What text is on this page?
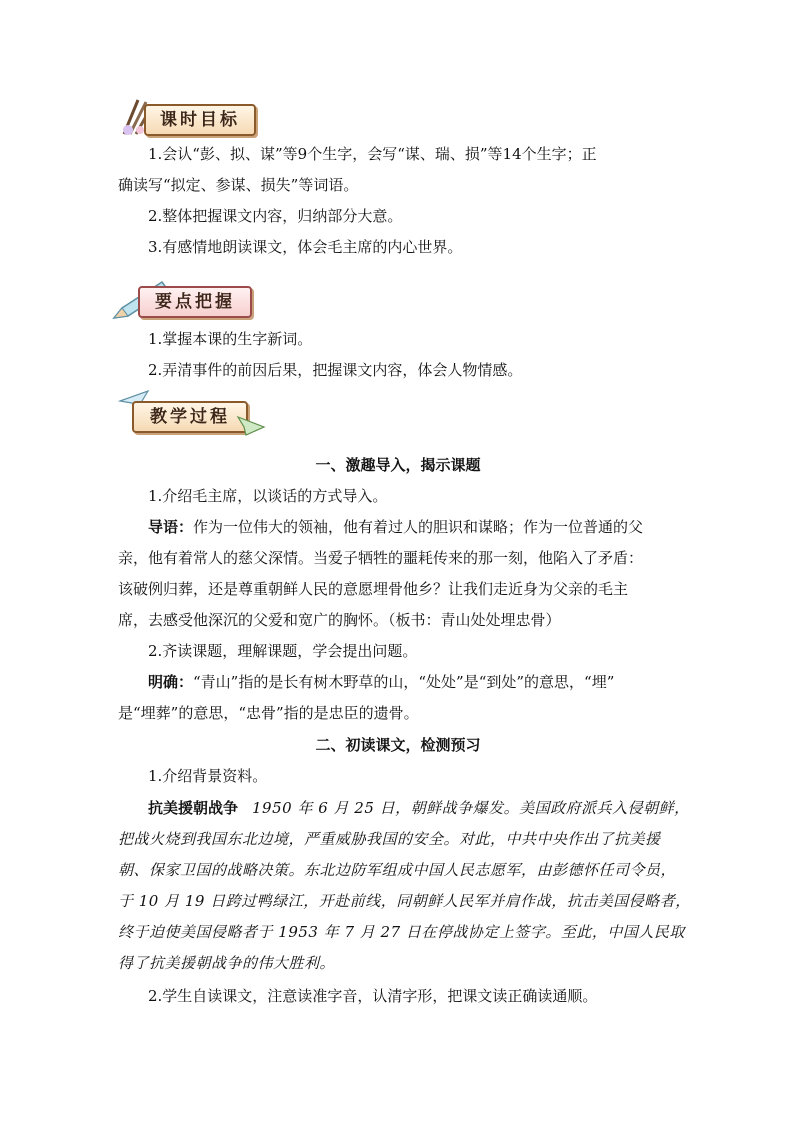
课时目标
1.会认“彭、拟、谋”等9个生字，会写“谋、瑞、损”等14个生字；正
确读写“拟定、参谋、损失”等词语。
2.整体把握课文内容，归纳部分大意。
3.有感情地朗读课文，体会毛主席的内心世界。
要点把握
1.掌握本课的生字新词。
2.弄清事件的前因后果，把握课文内容，体会人物情感。
教学过程
一、激趣导入，揭示课题
1.介绍毛主席，以谈话的方式导入。
导语：作为一位伟大的领袖，他有着过人的胆识和谋略；作为一位普通的父
亲，他有着常人的慈父深情。当爱子牺牲的噩耗传来的那一刻，他陷入了矛盾：
该破例归葬，还是尊重朝鲜人民的意愿埋骨他乡？让我们走近身为父亲的毛主
席，去感受他深沉的父爱和宽广的胸怀。（板书：青山处处埋忠骨）
2.齐读课题，理解课题，学会提出问题。
明确：“青山”指的是长有树木野草的山，“处处”是“到处”的意思，“埋”
是“埋葬”的意思，“忠骨”指的是忠臣的遗骨。
二、初读课文，检测预习
1.介绍背景资料。
抗美援朝战争 1950 年 6 月 25 日，朝鲜战争爆发。美国政府派兵入侵朝鲜，
把战火烧到我国东北边境，严重威胁我国的安全。对此，中共中央作出了抗美援
朝、保家卫国的战略决策。东北边防军组成中国人民志愿军，由彭德怀任司令员，
于 10 月 19 日跨过鸭绿江，开赴前线，同朝鲜人民军并肩作战，抗击美国侵略者，
终于迫使美国侵略者于 1953 年 7 月 27 日在停战协定上签字。至此，中国人民取
得了抗美援朝战争的伟大胜利。
2.学生自读课文，注意读准字音，认清字形，把课文读正确读通顺。
